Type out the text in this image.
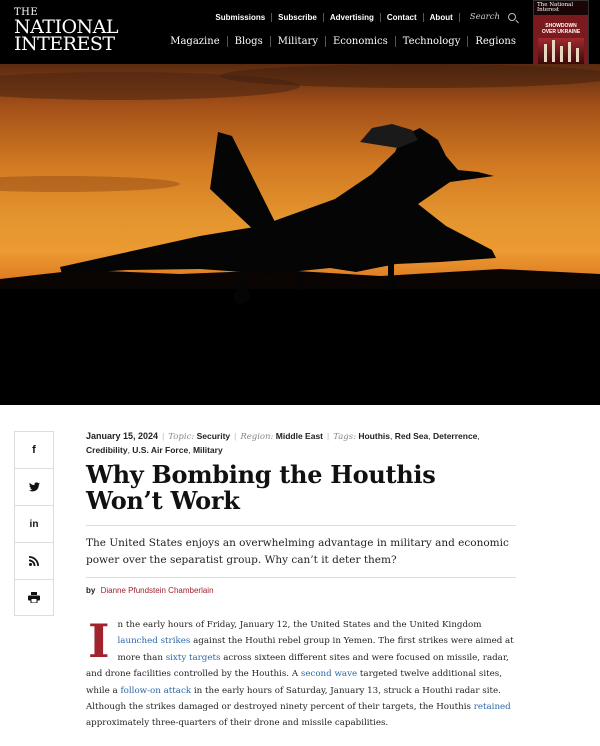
THE
NATIONAL
INTEREST
Submissions	Subscribe	Advertising	Contact	About	Search
Magazine	Blogs	Military	Economics	Technology	Regions
The National Interest
SHOWDOWN
OVER UKRAINE
f
in
January 15, 2024 | Topic: Security | Region: Middle East | Tags: Houthis, Red Sea, Deterrence, Credibility, U.S. Air Force, Military
Why Bombing the Houthis Won’t Work

The United States enjoys an overwhelming advantage in military and economic power over the separatist group. Why can’t it deter them?

by Dianne Pfundstein Chamberlain
In the early hours of Friday, January 12, the United States and the United Kingdom launched strikes against the Houthi rebel group in Yemen. The first strikes were aimed at more than sixty targets across sixteen different sites and were focused on missile, radar, and drone facilities controlled by the Houthis. A second wave targeted twelve additional sites, while a follow-on attack in the early hours of Saturday, January 13, struck a Houthi radar site. Although the strikes damaged or destroyed ninety percent of their targets, the Houthis retained approximately three-quarters of their drone and missile capabilities.
